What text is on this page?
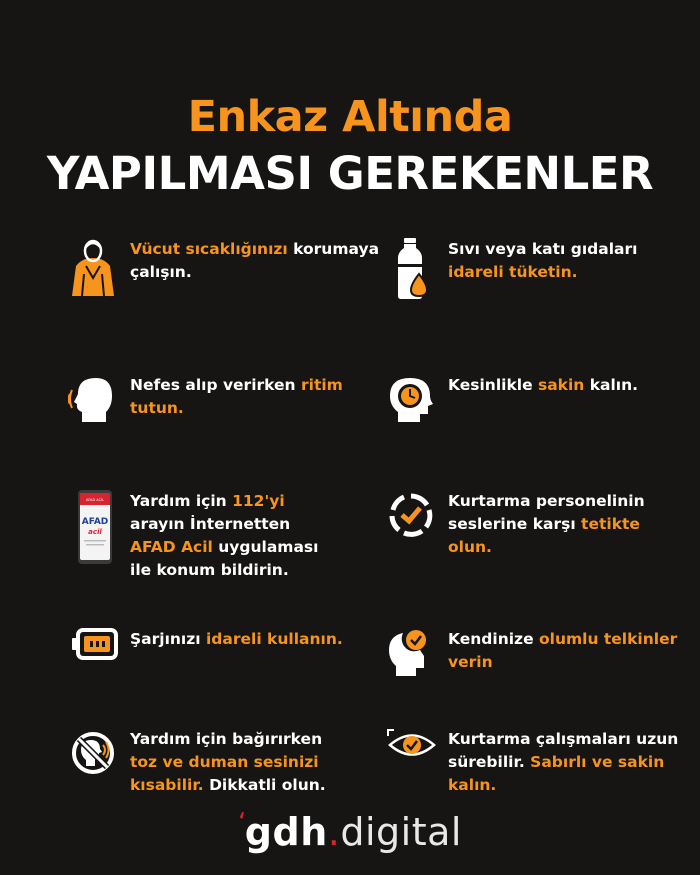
Enkaz Altında
YAPILMASI GEREKENLER
Vücut sıcaklığınızı korumaya çalışın.
Sıvı veya katı gıdaları idareli tüketin.
Nefes alıp verirken ritim tutun.
Kesinlikle sakin kalın.
AFAD
acil
AFAD ACİL Yardım için 112'yi arayın İnternetten AFAD Acil uygulaması ile konum bildirin.
Kurtarma personelinin seslerine karşı tetikte olun.
Şarjınızı idareli kullanın.	Kendinize olumlu telkinler verin
Yardım için bağırırken toz ve duman sesinizi kısabilir. Dikkatli olun.
Kurtarma çalışmaları uzun sürebilir. Sabırlı ve sakin kalın.
‘gdh.digital
